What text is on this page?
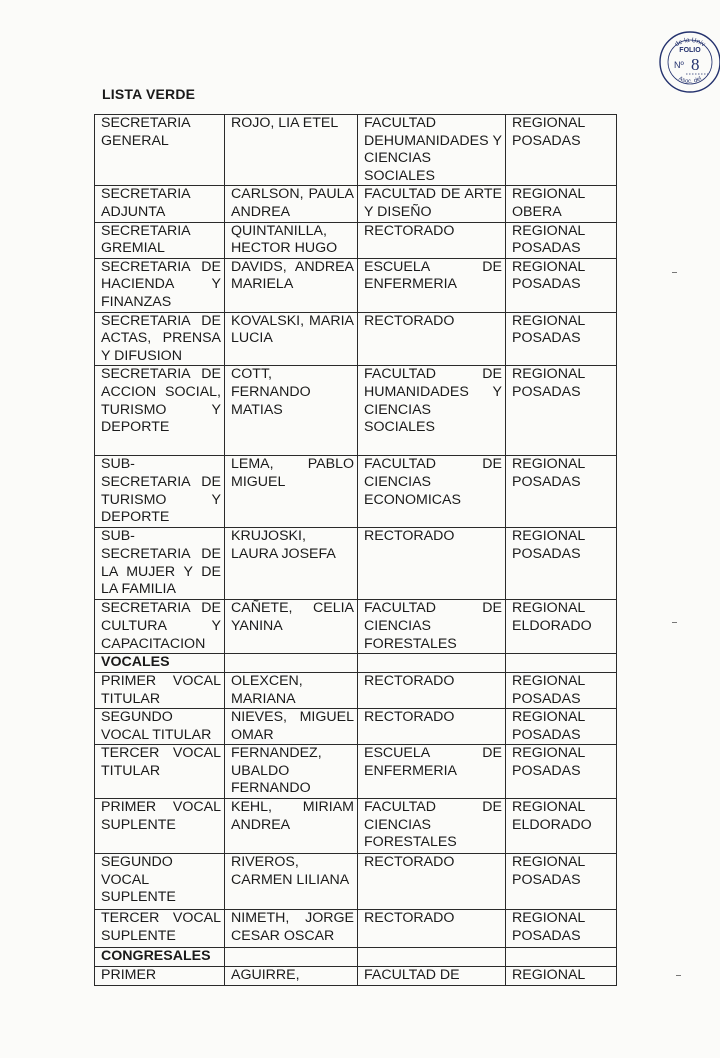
LISTA VERDE
de la Univ
Asoc. del
FOLIO
Nº 8
SECRETARIA GENERAL	ROJO, LIA ETEL	FACULTAD DEHUMANIDADES Y CIENCIAS SOCIALES	REGIONAL POSADAS
SECRETARIA ADJUNTA	CARLSON, PAULA ANDREA	FACULTAD DE ARTE Y DISEÑO	REGIONAL OBERA
SECRETARIA GREMIAL	QUINTANILLA, HECTOR HUGO	RECTORADO	REGIONAL POSADAS
SECRETARIA DE HACIENDA Y FINANZAS	DAVIDS, ANDREA MARIELA	ESCUELA DE ENFERMERIA	REGIONAL POSADAS
SECRETARIA DE ACTAS, PRENSA Y DIFUSION	KOVALSKI, MARIA LUCIA	RECTORADO	REGIONAL POSADAS
SECRETARIA DE ACCION SOCIAL, TURISMO Y DEPORTE	COTT, FERNANDO MATIAS	FACULTAD DE HUMANIDADES Y CIENCIAS SOCIALES	REGIONAL POSADAS
SUB-SECRETARIA DE TURISMO Y DEPORTE	LEMA, PABLO MIGUEL	FACULTAD DE CIENCIAS ECONOMICAS	REGIONAL POSADAS
SUB-SECRETARIA DE LA MUJER Y DE LA FAMILIA	KRUJOSKI, LAURA JOSEFA	RECTORADO	REGIONAL POSADAS
SECRETARIA DE CULTURA Y CAPACITACION	CAÑETE, CELIA YANINA	FACULTAD DE CIENCIAS FORESTALES	REGIONAL ELDORADO
VOCALES			
PRIMER VOCAL TITULAR	OLEXCEN, MARIANA	RECTORADO	REGIONAL POSADAS
SEGUNDO VOCAL TITULAR	NIEVES, MIGUEL OMAR	RECTORADO	REGIONAL POSADAS
TERCER VOCAL TITULAR	FERNANDEZ, UBALDO FERNANDO	ESCUELA DE ENFERMERIA	REGIONAL POSADAS
PRIMER VOCAL SUPLENTE	KEHL, MIRIAM ANDREA	FACULTAD DE CIENCIAS FORESTALES	REGIONAL ELDORADO
SEGUNDO VOCAL SUPLENTE	RIVEROS, CARMEN LILIANA	RECTORADO	REGIONAL POSADAS
TERCER VOCAL SUPLENTE	NIMETH, JORGE CESAR OSCAR	RECTORADO	REGIONAL POSADAS
CONGRESALES			
PRIMER	AGUIRRE,	FACULTAD DE	REGIONAL
